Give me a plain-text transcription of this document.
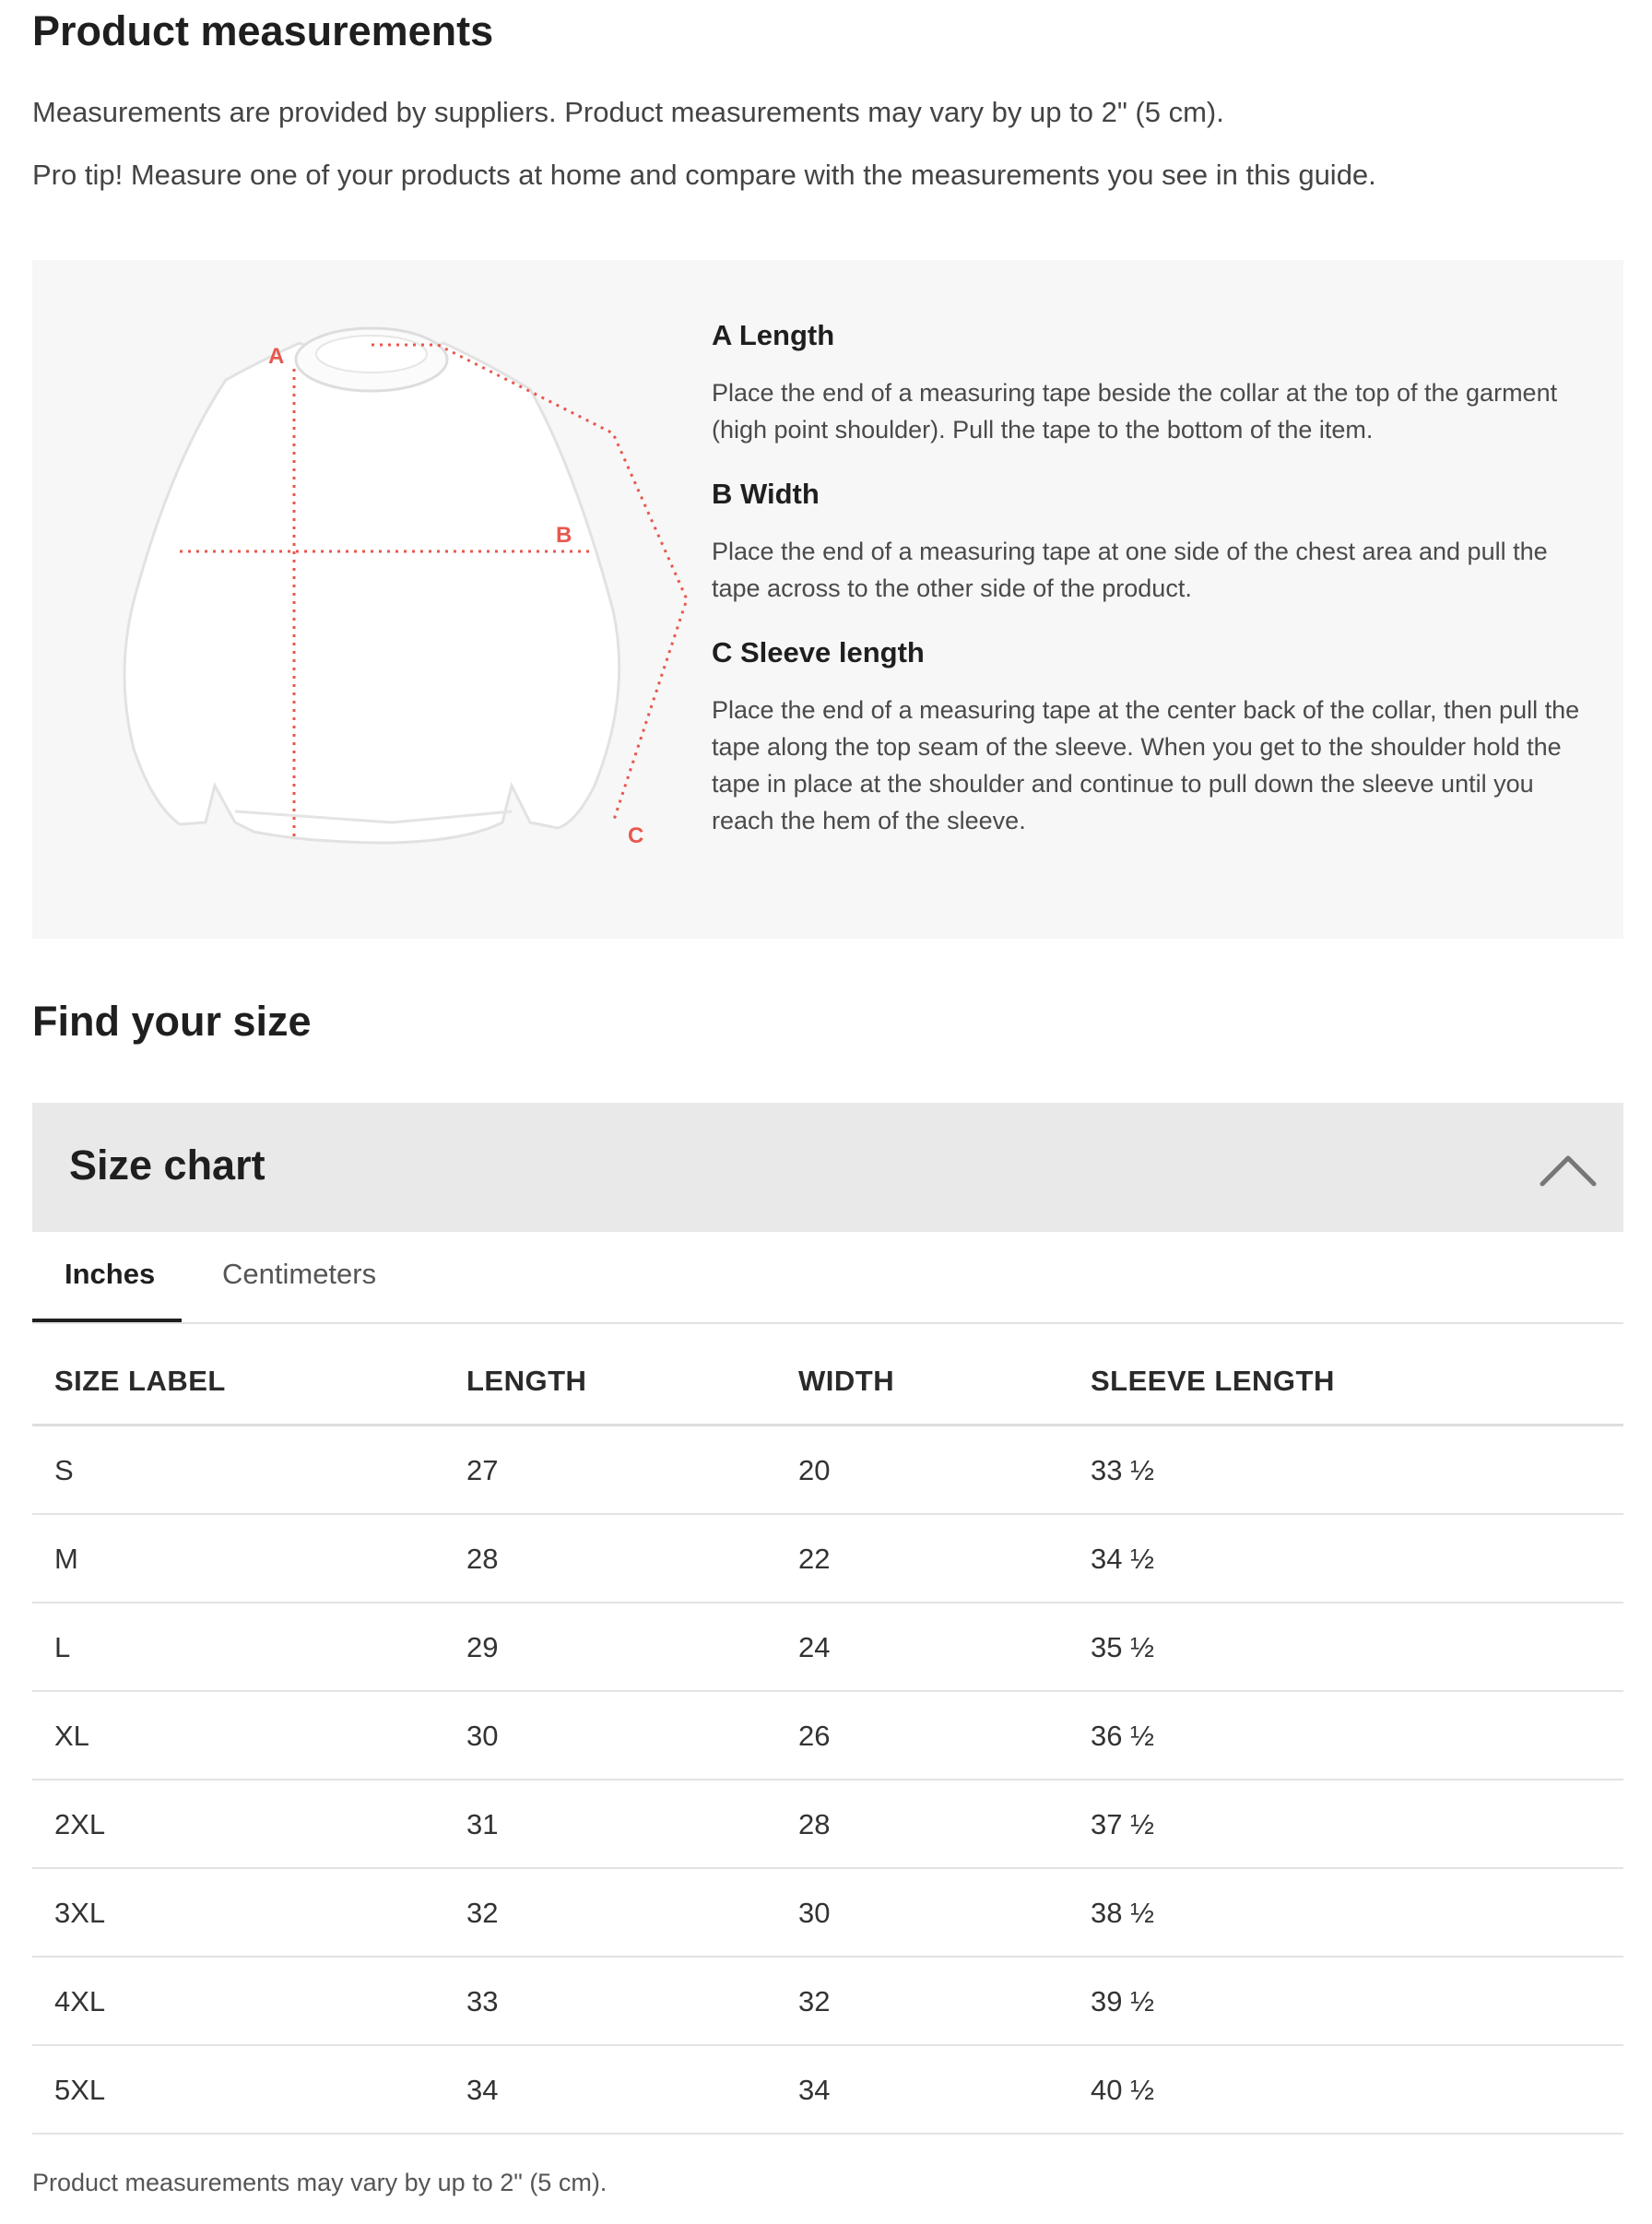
Product measurements
Measurements are provided by suppliers. Product measurements may vary by up to 2" (5 cm).
Pro tip! Measure one of your products at home and compare with the measurements you see in this guide.
A
B
C
A Length
Place the end of a measuring tape beside the collar at the top of the garment (high point shoulder). Pull the tape to the bottom of the item.
B Width
Place the end of a measuring tape at one side of the chest area and pull the tape across to the other side of the product.
C Sleeve length
Place the end of a measuring tape at the center back of the collar, then pull the tape along the top seam of the sleeve. When you get to the shoulder hold the tape in place at the shoulder and continue to pull down the sleeve until you reach the hem of the sleeve.
Find your size
Size chart
Inches Centimeters
SIZE LABEL	LENGTH	WIDTH	SLEEVE LENGTH
S	27	20	33 ½
M	28	22	34 ½
L	29	24	35 ½
XL	30	26	36 ½
2XL	31	28	37 ½
3XL	32	30	38 ½
4XL	33	32	39 ½
5XL	34	34	40 ½
Product measurements may vary by up to 2" (5 cm).
